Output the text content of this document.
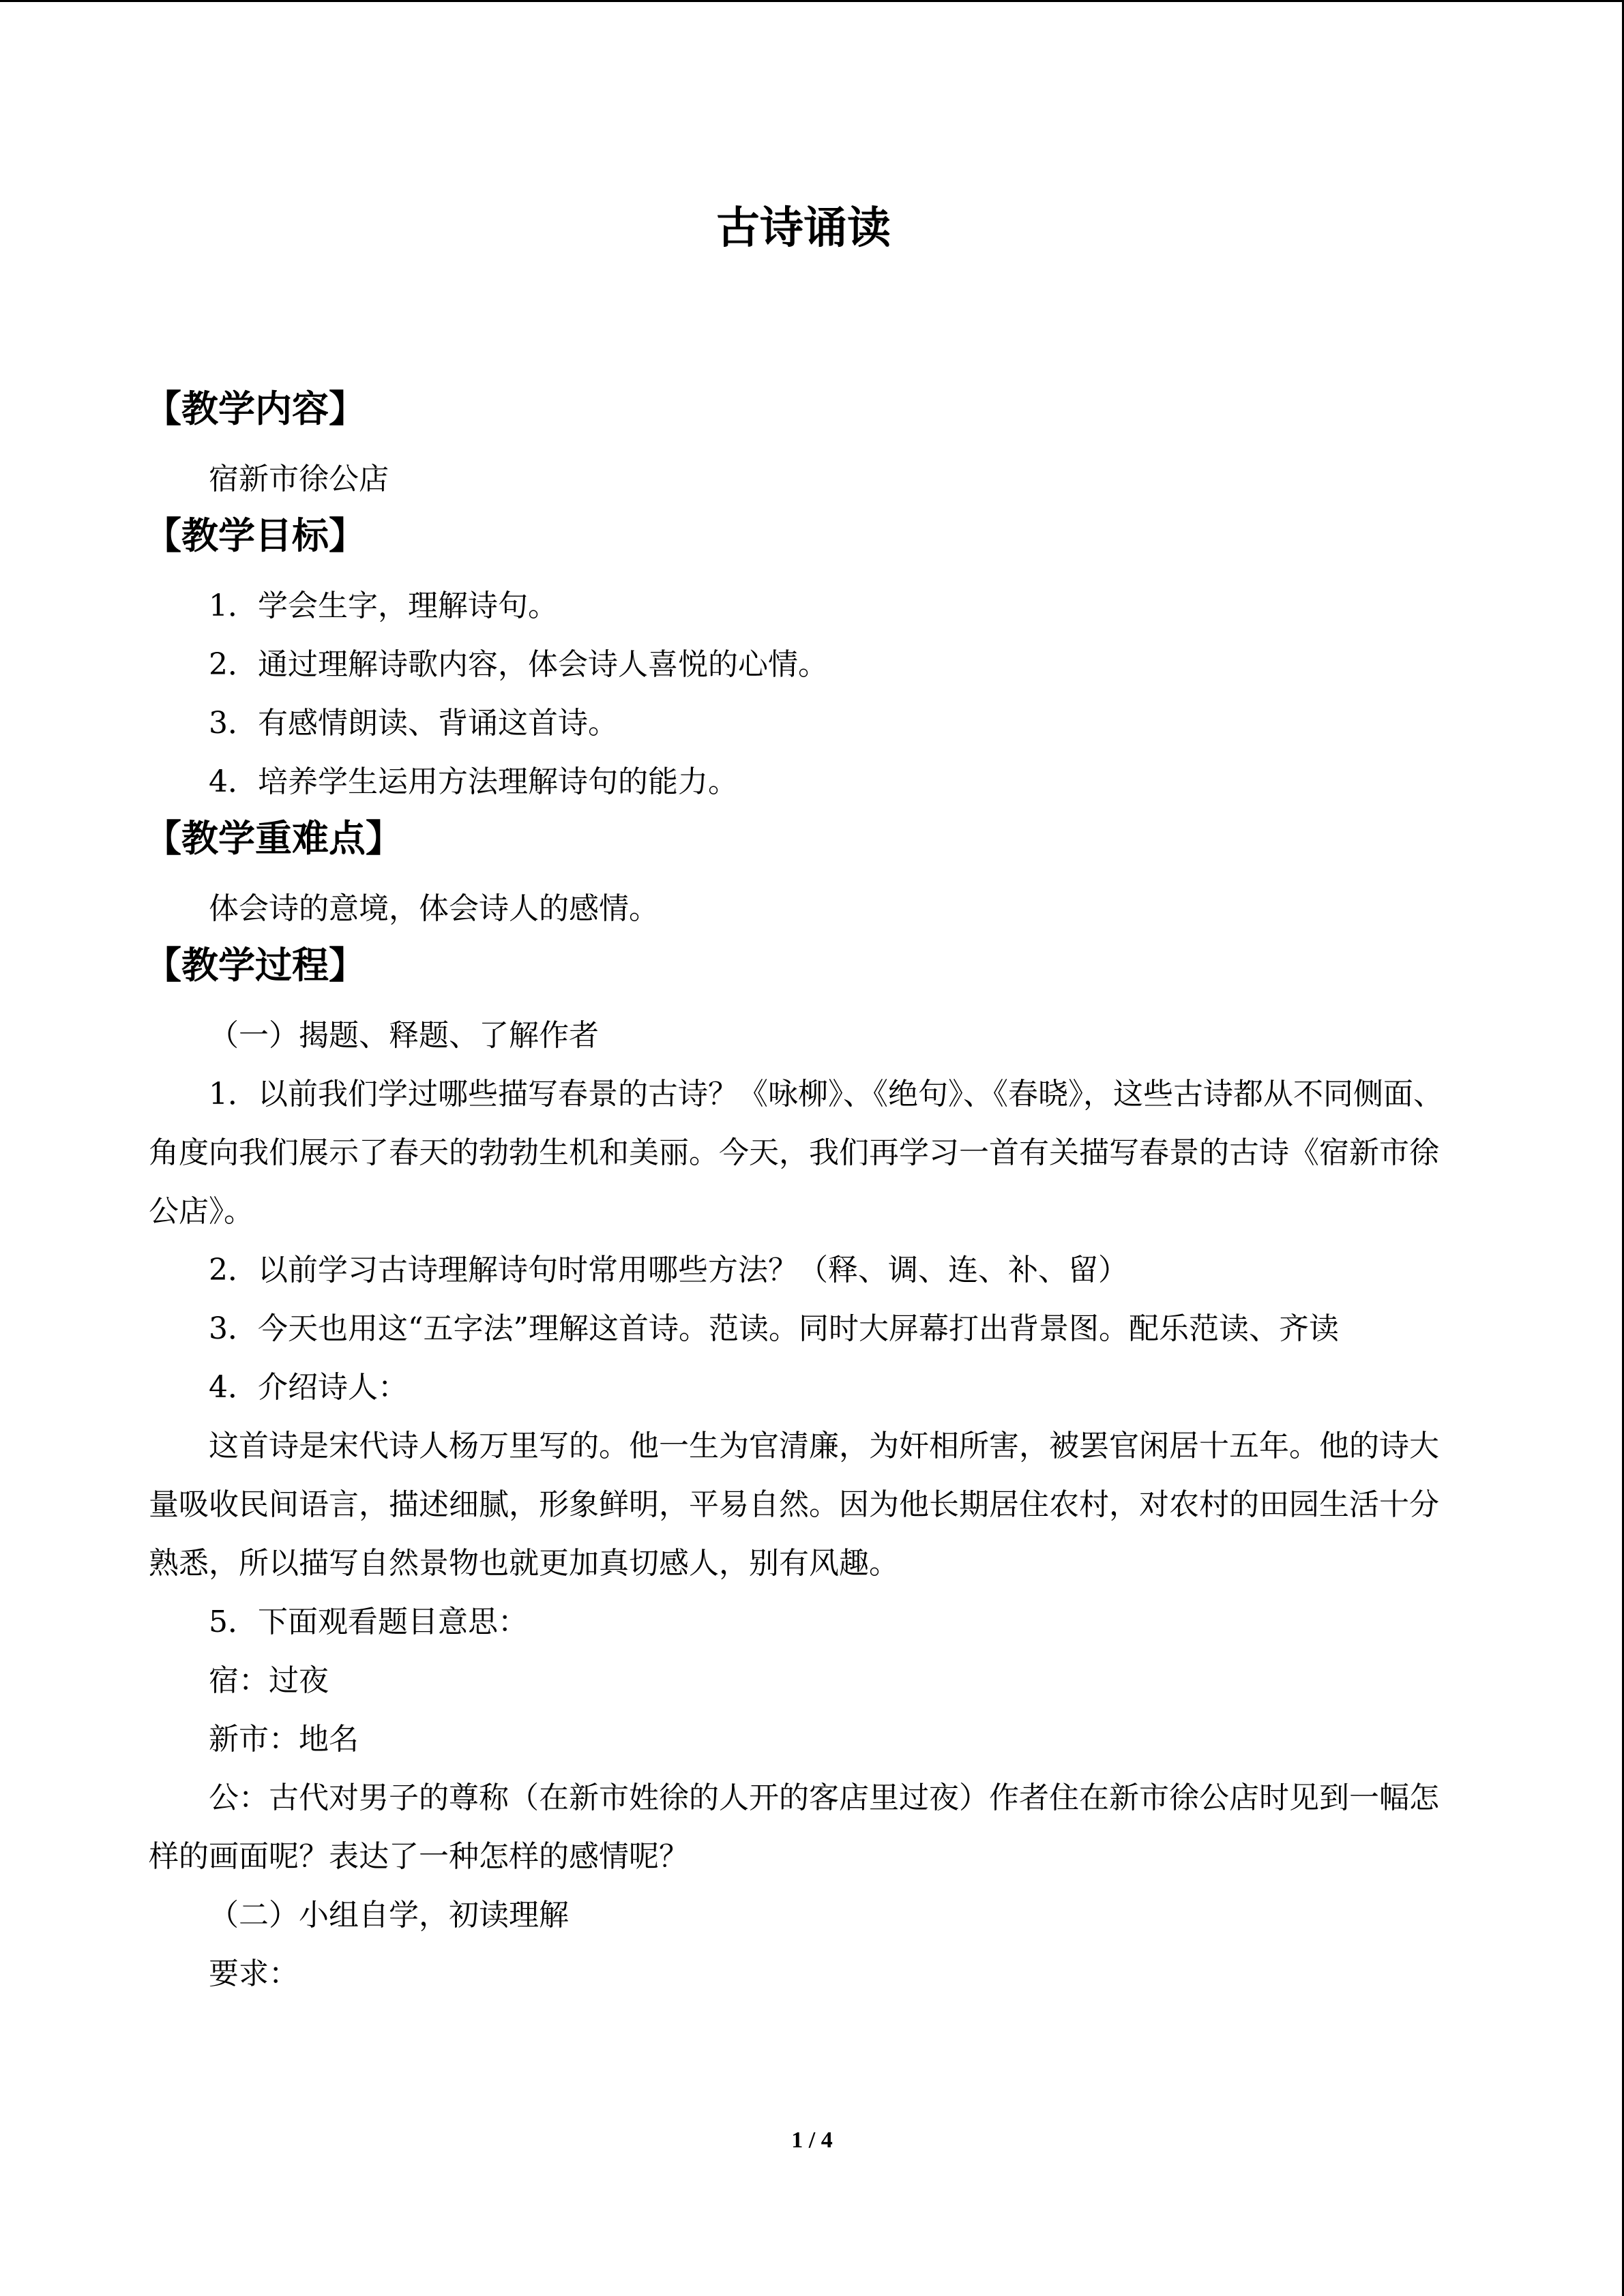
古诗诵读
【教学内容】

宿新市徐公店

【教学目标】

1．学会生字，理解诗句。

2．通过理解诗歌内容，体会诗人喜悦的心情。

3．有感情朗读、背诵这首诗。

4．培养学生运用方法理解诗句的能力。

【教学重难点】

体会诗的意境，体会诗人的感情。

【教学过程】

（一）揭题、释题、了解作者

1．以前我们学过哪些描写春景的古诗？《咏柳》、《绝句》、《春晓》，这些古诗都从不同侧面、角度向我们展示了春天的勃勃生机和美丽。今天，我们再学习一首有关描写春景的古诗《宿新市徐公店》。

2．以前学习古诗理解诗句时常用哪些方法？（释、调、连、补、留）

3．今天也用这“五字法”理解这首诗。范读。同时大屏幕打出背景图。配乐范读、齐读

4．介绍诗人：

这首诗是宋代诗人杨万里写的。他一生为官清廉，为奸相所害，被罢官闲居十五年。他的诗大量吸收民间语言，描述细腻，形象鲜明，平易自然。因为他长期居住农村，对农村的田园生活十分熟悉，所以描写自然景物也就更加真切感人，别有风趣。

5．下面观看题目意思：

宿：过夜

新市：地名

公：古代对男子的尊称（在新市姓徐的人开的客店里过夜）作者住在新市徐公店时见到一幅怎样的画面呢？表达了一种怎样的感情呢？

（二）小组自学，初读理解

要求：

1 / 4
